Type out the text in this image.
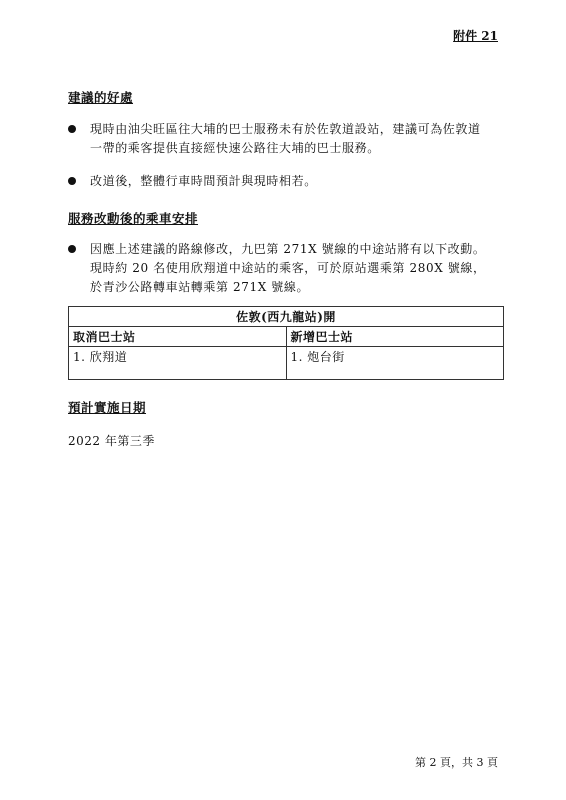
附件 21
建議的好處
現時由油尖旺區往大埔的巴士服務未有於佐敦道設站，建議可為佐敦道
一帶的乘客提供直接經快速公路往大埔的巴士服務。
改道後，整體行車時間預計與現時相若。
服務改動後的乘車安排
因應上述建議的路線修改，九巴第 271X 號線的中途站將有以下改動。
現時約 20 名使用欣翔道中途站的乘客，可於原站選乘第 280X 號線，
於青沙公路轉車站轉乘第 271X 號線。
佐敦(西九龍站)開	
取消巴士站	新增巴士站
1. 欣翔道	1. 炮台街
預計實施日期
2022 年第三季
第 2 頁，共 3 頁
